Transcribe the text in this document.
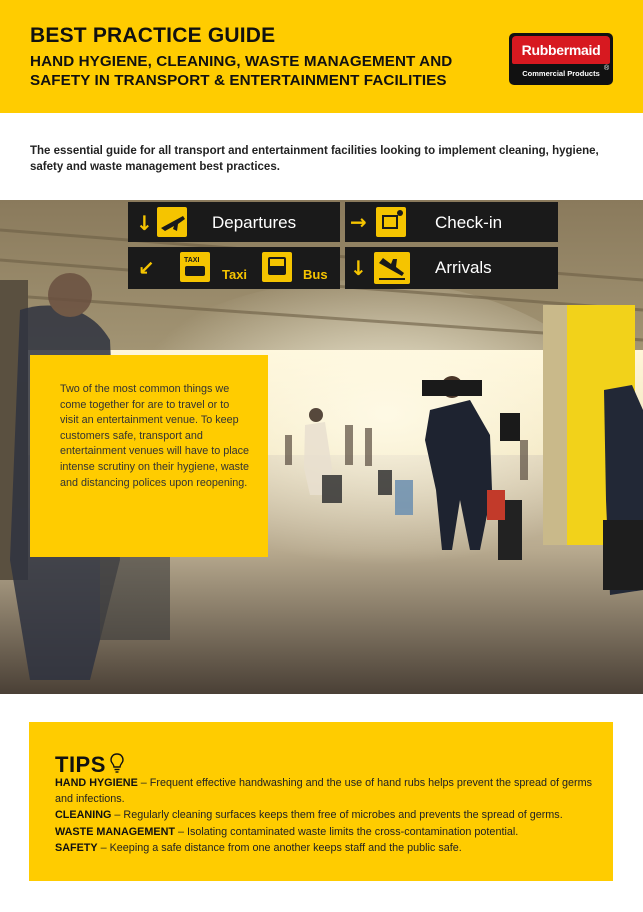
BEST PRACTICE GUIDE
HAND HYGIENE, CLEANING, WASTE MANAGEMENT AND
SAFETY IN TRANSPORT & ENTERTAINMENT FACILITIES
Rubbermaid
®
Commercial Products
The essential guide for all transport and entertainment facilities looking to implement cleaning, hygiene, safety and waste management best practices.
↓	Departures	→	Check-in
↙	TAXI
Taxi	Bus ↓	Arrivals
Two of the most common things we come together for are to travel or to visit an entertainment venue. To keep customers safe, transport and entertainment venues will have to place intense scrutiny on their hygiene, waste and distancing polices upon reopening.
TIPS
HAND HYGIENE – Frequent effective handwashing and the use of hand rubs helps prevent the spread of germs and infections.
CLEANING – Regularly cleaning surfaces keeps them free of microbes and prevents the spread of germs.
WASTE MANAGEMENT – Isolating contaminated waste limits the cross-contamination potential.
SAFETY – Keeping a safe distance from one another keeps staff and the public safe.
